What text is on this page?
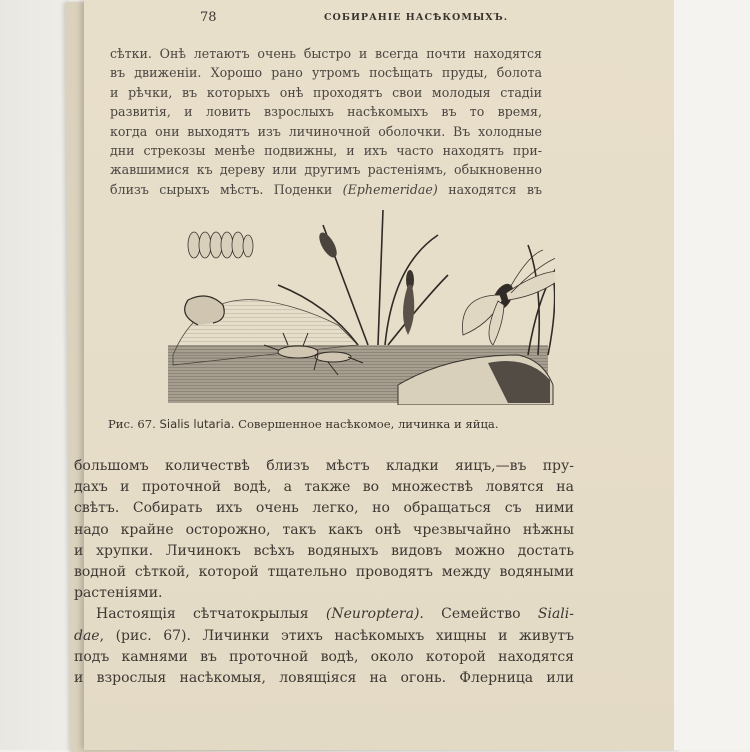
78	СОБИРАНІЕ НАСѢКОМЫХЪ.
сѣтки. Онѣ летаютъ очень быстро и всегда почти находятся
въ движеніи. Хорошо рано утромъ посѣщать пруды, болота
и рѣчки, въ которыхъ онѣ проходятъ свои молодыя стадіи
развитія, и ловить взрослыхъ насѣкомыхъ въ то время,
когда они выходятъ изъ личиночной оболочки. Въ холодные
дни стрекозы менѣе подвижны, и ихъ часто находятъ при-
жавшимися къ дереву или другимъ растеніямъ, обыкновенно
близъ сырыхъ мѣстъ. Поденки (Ephemeridae) находятся въ
Рис. 67. Sialis lutaria. Совершенное насѣкомое, личинка и яйца.
большомъ количествѣ близъ мѣстъ кладки яицъ,—въ пру-
дахъ и проточной водѣ, а также во множествѣ ловятся на
свѣтъ. Собирать ихъ очень легко, но обращаться съ ними
надо крайне осторожно, такъ какъ онѣ чрезвычайно нѣжны
и хрупки. Личинокъ всѣхъ водяныхъ видовъ можно достать
водной сѣткой, которой тщательно проводятъ между водяными
растеніями.
Настоящія сѣтчатокрылыя (Neuroptera). Семейство Siali-
dae, (рис. 67). Личинки этихъ насѣкомыхъ хищны и живутъ
подъ камнями въ проточной водѣ, около которой находятся
и взрослыя насѣкомыя, ловящіяся на огонь. Флерница или
